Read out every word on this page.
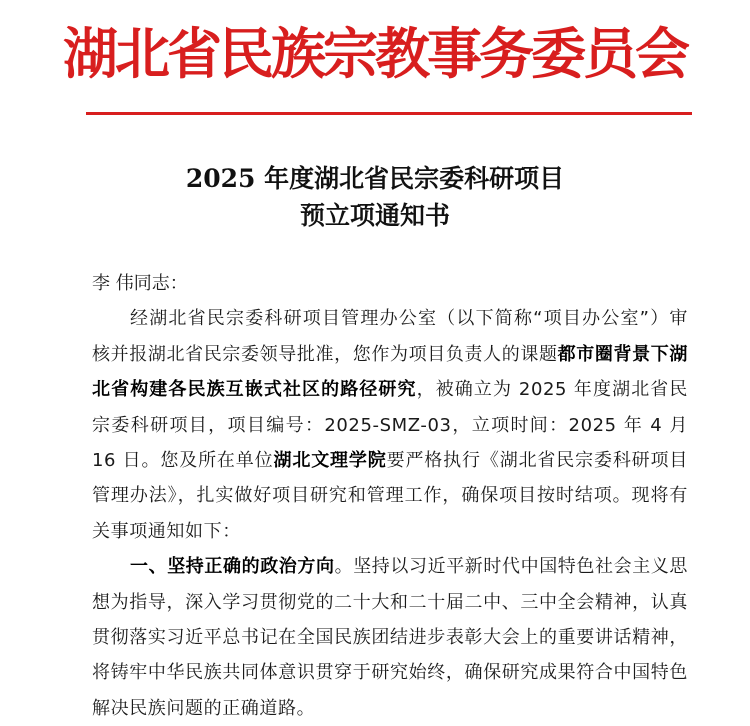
湖北省民族宗教事务委员会
2025 年度湖北省民宗委科研项目
预立项通知书

李 伟同志：

经湖北省民宗委科研项目管理办公室（以下简称“项目办公室”）审核并报湖北省民宗委领导批准，您作为项目负责人的课题都市圈背景下湖北省构建各民族互嵌式社区的路径研究，被确立为 2025 年度湖北省民宗委科研项目，项目编号：2025-SMZ-03，立项时间：2025 年 4 月 16 日。您及所在单位湖北文理学院要严格执行《湖北省民宗委科研项目管理办法》，扎实做好项目研究和管理工作，确保项目按时结项。现将有关事项通知如下：

一、坚持正确的政治方向。坚持以习近平新时代中国特色社会主义思想为指导，深入学习贯彻党的二十大和二十届二中、三中全会精神，认真贯彻落实习近平总书记在全国民族团结进步表彰大会上的重要讲话精神，将铸牢中华民族共同体意识贯穿于研究始终，确保研究成果符合中国特色解决民族问题的正确道路。
